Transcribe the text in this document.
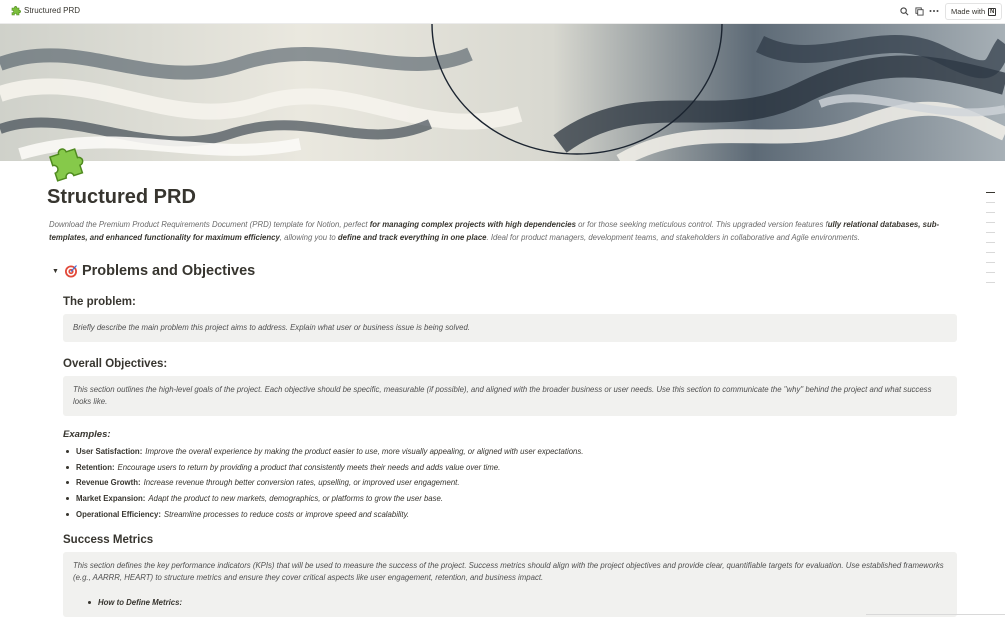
Structured PRD	Made with N
Structured PRD

Download the Premium Product Requirements Document (PRD) template for Notion, perfect for managing complex projects with high dependencies or for those seeking meticulous control. This upgraded version features fully relational databases, sub-templates, and enhanced functionality for maximum efficiency, allowing you to define and track everything in one place. Ideal for product managers, development teams, and stakeholders in collaborative and Agile environments.

▼ Problems and Objectives
The problem:
Briefly describe the main problem this project aims to address. Explain what user or business issue is being solved.
Overall Objectives:
This section outlines the high-level goals of the project. Each objective should be specific, measurable (if possible), and aligned with the broader business or user needs. Use this section to communicate the "why" behind the project and what success looks like.
Examples:
User Satisfaction: Improve the overall experience by making the product easier to use, more visually appealing, or aligned with user expectations.
Retention: Encourage users to return by providing a product that consistently meets their needs and adds value over time.
Revenue Growth: Increase revenue through better conversion rates, upselling, or improved user engagement.
Market Expansion: Adapt the product to new markets, demographics, or platforms to grow the user base.
Operational Efficiency: Streamline processes to reduce costs or improve speed and scalability.
Success Metrics
This section defines the key performance indicators (KPIs) that will be used to measure the success of the project. Success metrics should align with the project objectives and provide clear, quantifiable targets for evaluation. Use established frameworks (e.g., AARRR, HEART) to structure metrics and ensure they cover critical aspects like user engagement, retention, and business impact.
How to Define Metrics:
